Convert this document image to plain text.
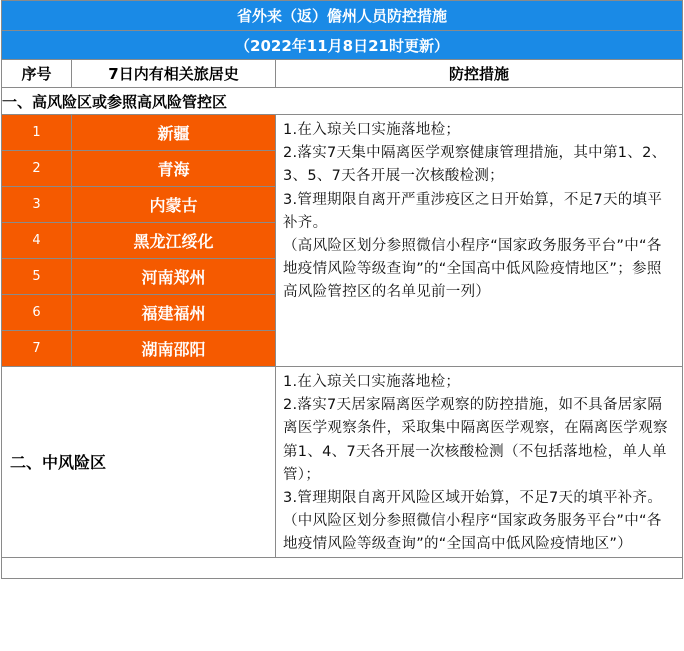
省外来（返）儋州人员防控措施		
（2022年11月8日21时更新）		
序号	7日内有相关旅居史	防控措施
一、高风险区或参照高风险管控区		
1	新疆	1.在入琼关口实施落地检；

2.落实7天集中隔离医学观察健康管理措施，其中第1、2、3、5、7天各开展一次核酸检测；

3.管理期限自离开严重涉疫区之日开始算，不足7天的填平补齐。

（高风险区划分参照微信小程序“国家政务服务平台”中“各地疫情风险等级查询”的“全国高中低风险疫情地区”；参照高风险管控区的名单见前一列）

2	青海	
3	内蒙古	
4	黑龙江绥化	
5	河南郑州	
6	福建福州	
7	湖南邵阳	
二、中风险区		1.在入琼关口实施落地检；

2.落实7天居家隔离医学观察的防控措施，如不具备居家隔离医学观察条件，采取集中隔离医学观察，在隔离医学观察第1、4、7天各开展一次核酸检测（不包括落地检，单人单管）；

3.管理期限自离开风险区域开始算，不足7天的填平补齐。

（中风险区划分参照微信小程序“国家政务服务平台”中“各地疫情风险等级查询”的“全国高中低风险疫情地区”）
